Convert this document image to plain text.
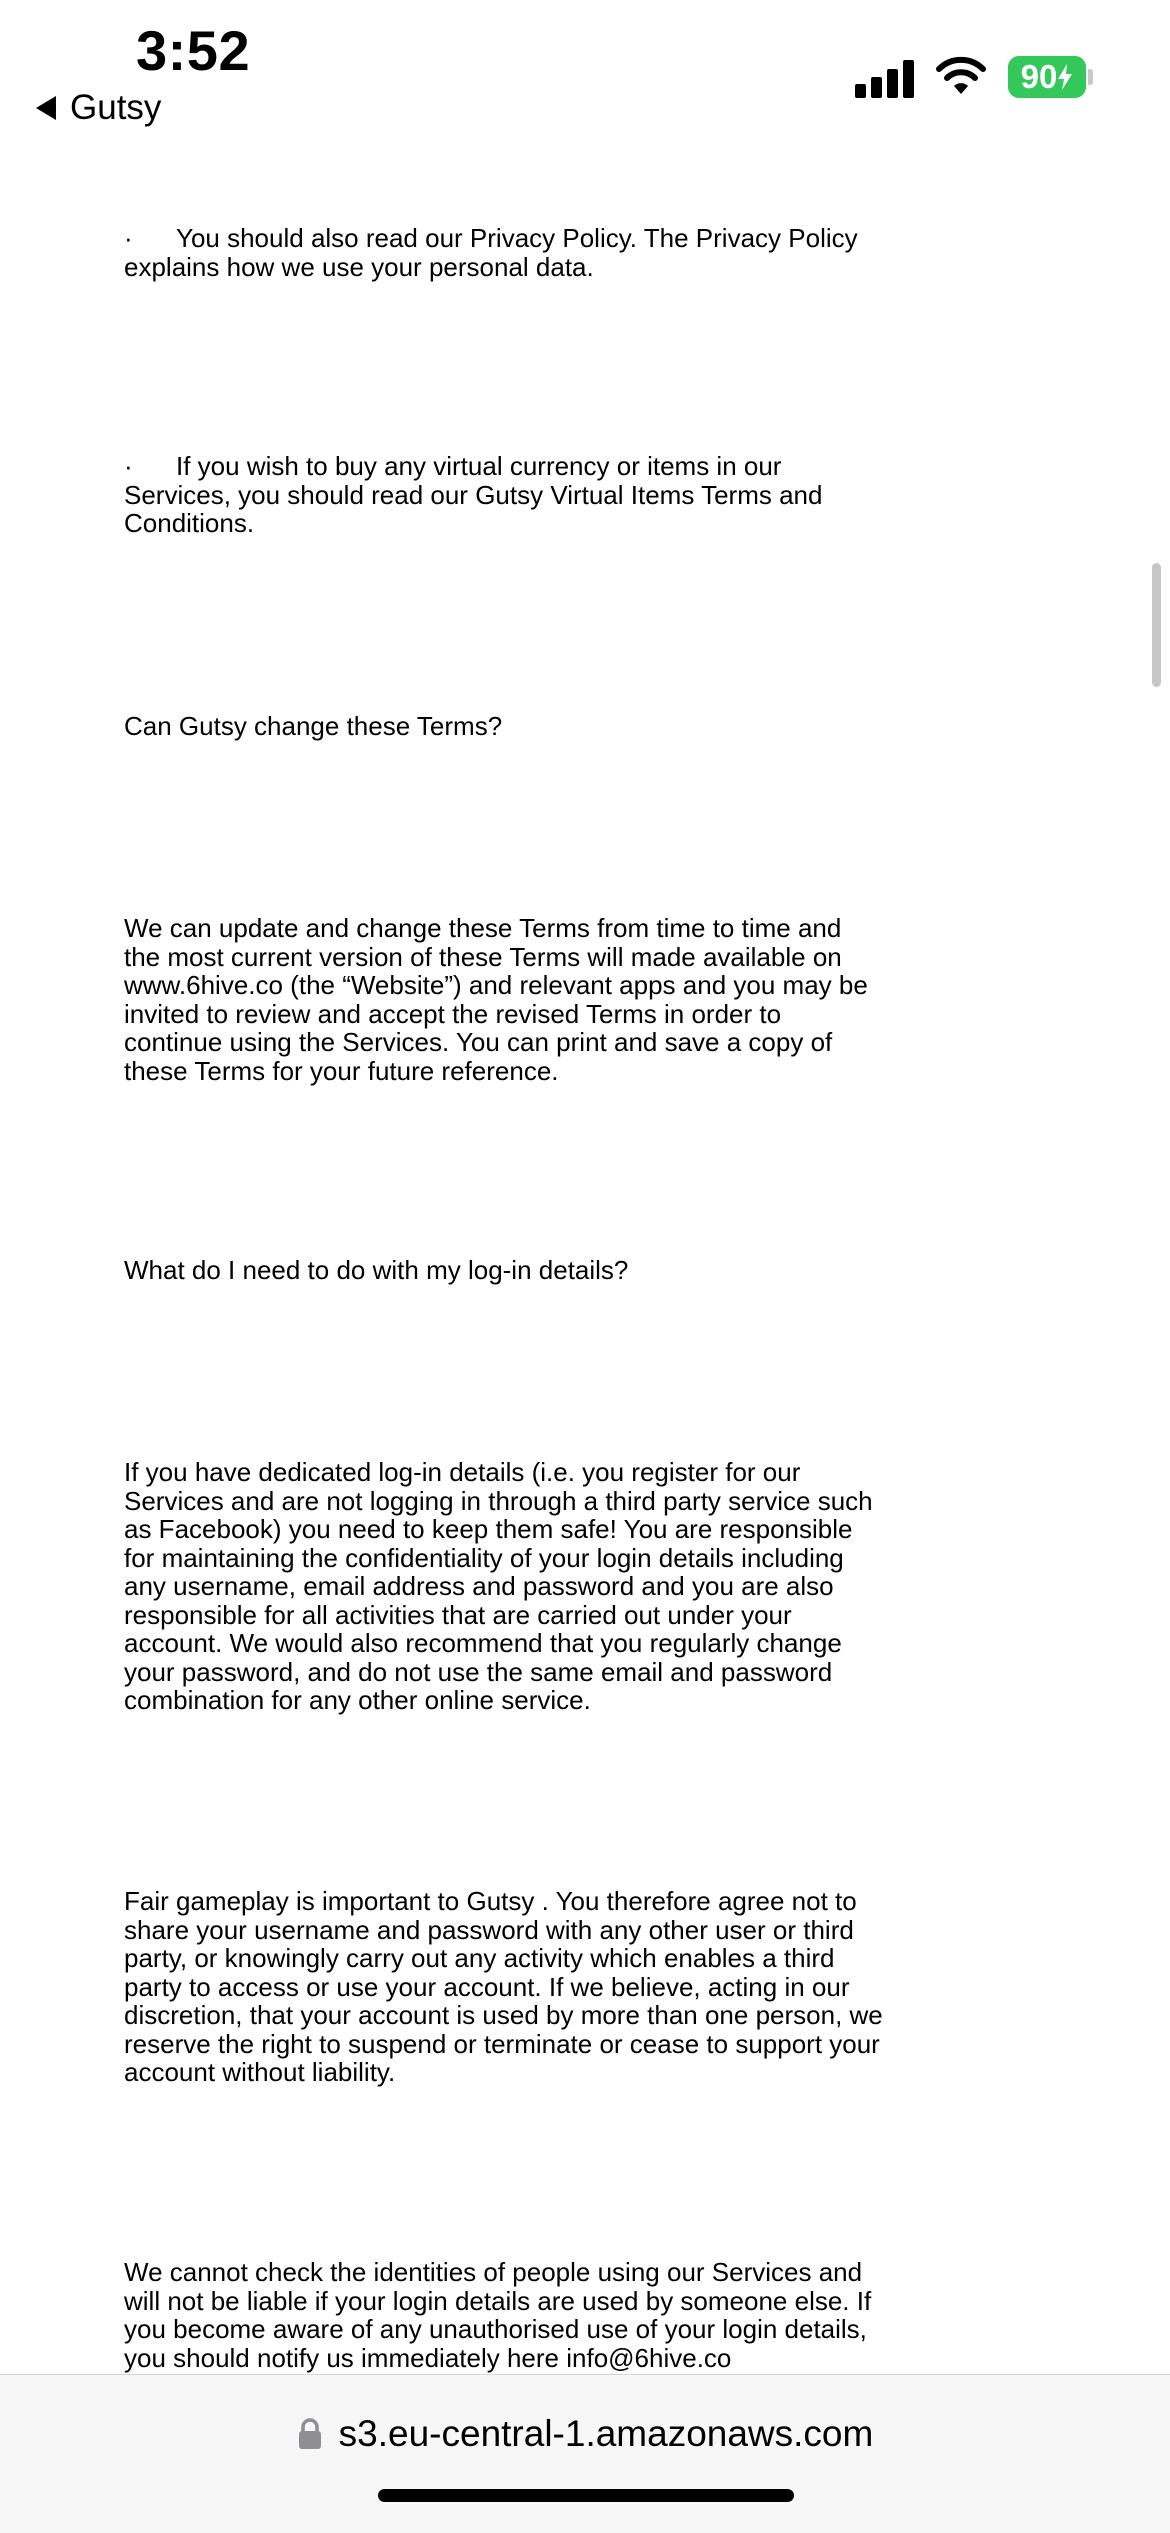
3:52
Gutsy
90

· You should also read our Privacy Policy. The Privacy Policy explains how we use your personal data.

· If you wish to buy any virtual currency or items in our Services, you should read our Gutsy Virtual Items Terms and Conditions.

Can Gutsy change these Terms?

We can update and change these Terms from time to time and the most current version of these Terms will made available on www.6hive.co (the “Website”) and relevant apps and you may be invited to review and accept the revised Terms in order to continue using the Services. You can print and save a copy of these Terms for your future reference.

What do I need to do with my log-in details?

If you have dedicated log-in details (i.e. you register for our Services and are not logging in through a third party service such as Facebook) you need to keep them safe! You are responsible for maintaining the confidentiality of your login details including any username, email address and password and you are also responsible for all activities that are carried out under your account. We would also recommend that you regularly change your password, and do not use the same email and password combination for any other online service.

Fair gameplay is important to Gutsy . You therefore agree not to share your username and password with any other user or third party, or knowingly carry out any activity which enables a third party to access or use your account. If we believe, acting in our discretion, that your account is used by more than one person, we reserve the right to suspend or terminate or cease to support your account without liability.

We cannot check the identities of people using our Services and will not be liable if your login details are used by someone else. If you become aware of any unauthorised use of your login details, you should notify us immediately here info@6hive.co

s3.eu-central-1.amazonaws.com
